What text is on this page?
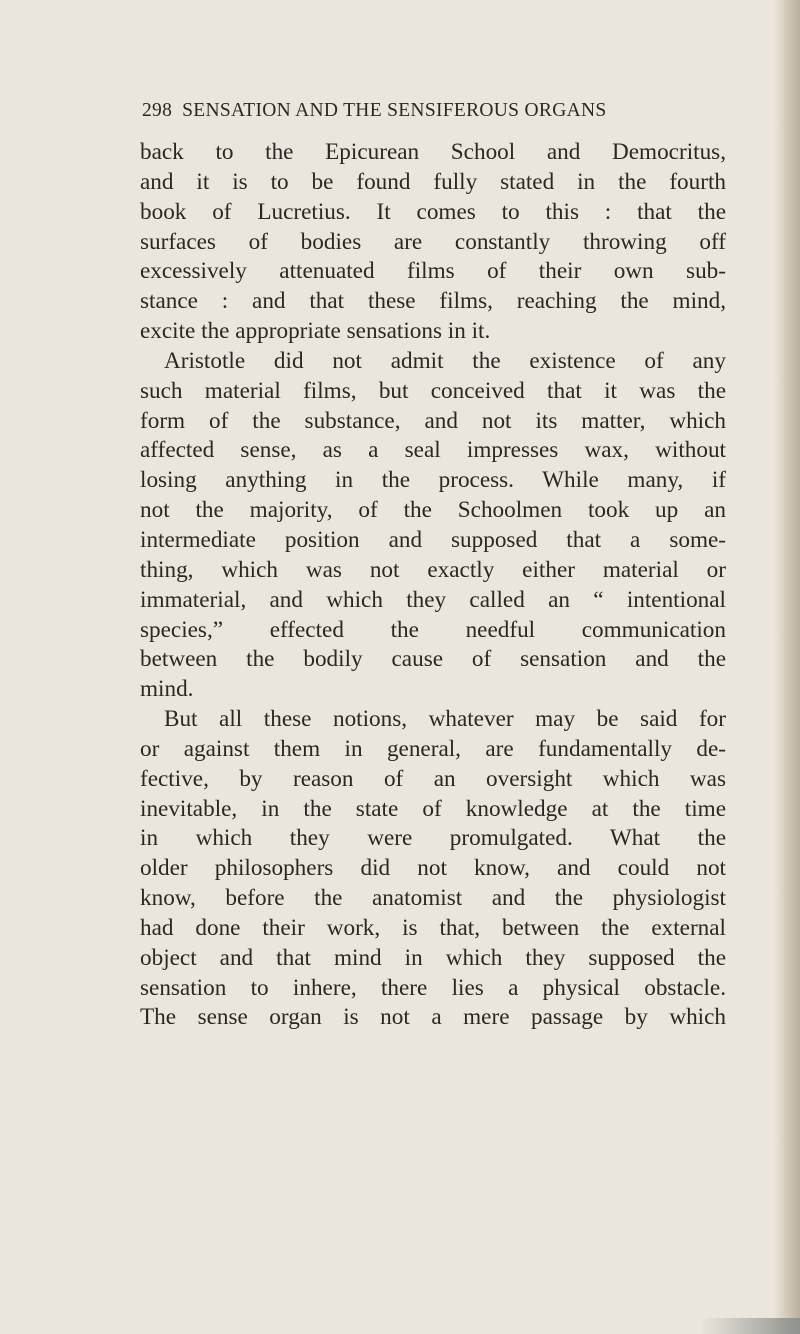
298 SENSATION AND THE SENSIFEROUS ORGANS
back to the Epicurean School and Democritus,
and it is to be found fully stated in the fourth
book of Lucretius. It comes to this : that the
surfaces of bodies are constantly throwing off
excessively attenuated films of their own sub-
stance : and that these films, reaching the mind,
excite the appropriate sensations in it.
Aristotle did not admit the existence of any
such material films, but conceived that it was the
form of the substance, and not its matter, which
affected sense, as a seal impresses wax, without
losing anything in the process. While many, if
not the majority, of the Schoolmen took up an
intermediate position and supposed that a some-
thing, which was not exactly either material or
immaterial, and which they called an “ intentional
species,” effected the needful communication
between the bodily cause of sensation and the
mind.
But all these notions, whatever may be said for
or against them in general, are fundamentally de-
fective, by reason of an oversight which was
inevitable, in the state of knowledge at the time
in which they were promulgated. What the
older philosophers did not know, and could not
know, before the anatomist and the physiologist
had done their work, is that, between the external
object and that mind in which they supposed the
sensation to inhere, there lies a physical obstacle.
The sense organ is not a mere passage by which
